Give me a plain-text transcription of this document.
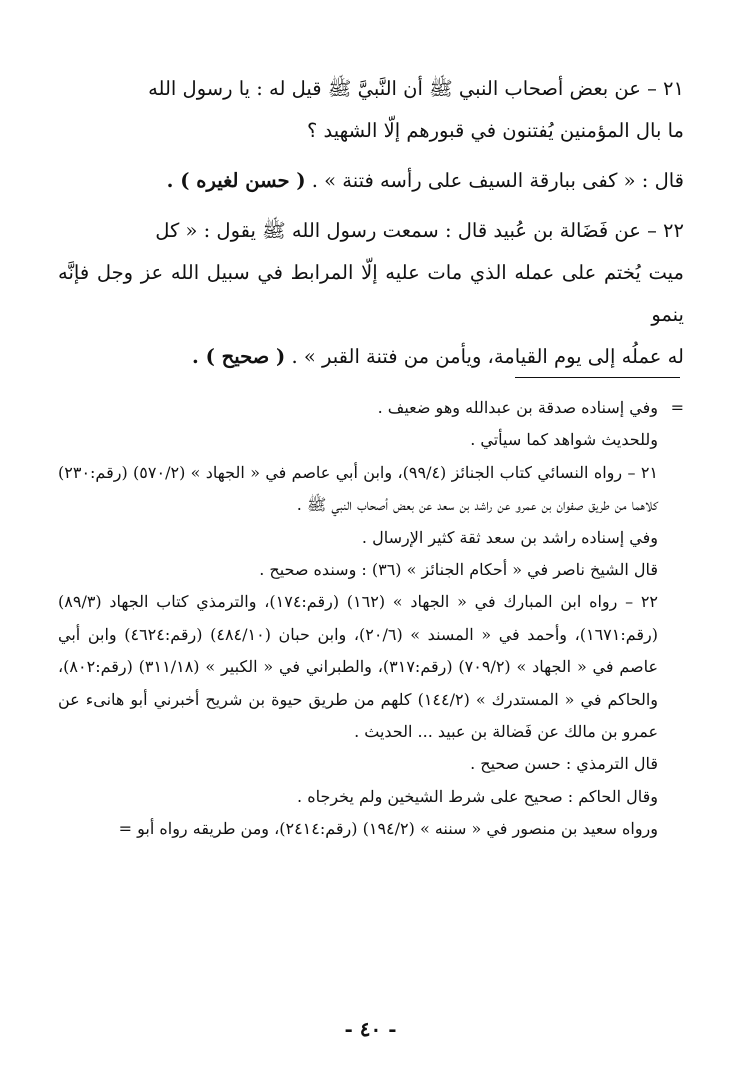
٢١ – عن بعض أصحاب النبي ﷺ أن النَّبيَّ ﷺ قيل له : يا رسول الله

ما بال المؤمنين يُفتنون في قبورهم إلّا الشهيد ؟

قال : « كفى ببارقة السيف على رأسه فتنة » . ( حسن لغيره ) .

٢٢ – عن فَضَالة بن عُبيد قال : سمعت رسول الله ﷺ يقول : « كل

ميت يُختم على عمله الذي مات عليه إلّا المرابط في سبيل الله عز وجل فإنَّه ينمو

له عملُه إلى يوم القيامة، ويأمن من فتنة القبر » . ( صحيح ) .

=وفي إسناده صدقة بن عبدالله وهو ضعيف .

وللحديث شواهد كما سيأتي .

٢١ – رواه النسائي كتاب الجنائز (٩٩/٤)، وابن أبي عاصم في « الجهاد » (٥٧٠/٢) (رقم:٢٣٠) كلاهما من طريق صفوان بن عمرو عن راشد بن سعد عن بعض أصحاب النبي ﷺ .

وفي إسناده راشد بن سعد ثقة كثير الإرسال .

قال الشيخ ناصر في « أحكام الجنائز » (٣٦) : وسنده صحيح .

٢٢ – رواه ابن المبارك في « الجهاد » (١٦٢) (رقم:١٧٤)، والترمذي كتاب الجهاد (٨٩/٣) (رقم:١٦٧١)، وأحمد في « المسند » (٢٠/٦)، وابن حبان (٤٨٤/١٠) (رقم:٤٦٢٤) وابن أبي عاصم في « الجهاد » (٧٠٩/٢) (رقم:٣١٧)، والطبراني في « الكبير » (٣١١/١٨) (رقم:٨٠٢)، والحاكم في « المستدرك » (١٤٤/٢) كلهم من طريق حيوة بن شريح أخبرني أبو هانىء عن عمرو بن مالك عن فَضالة بن عبيد ... الحديث .

قال الترمذي : حسن صحيح .

وقال الحاكم : صحيح على شرط الشيخين ولم يخرجاه .

ورواه سعيد بن منصور في « سننه » (١٩٤/٢) (رقم:٢٤١٤)، ومن طريقه رواه أبو =

- ٤٠ -
